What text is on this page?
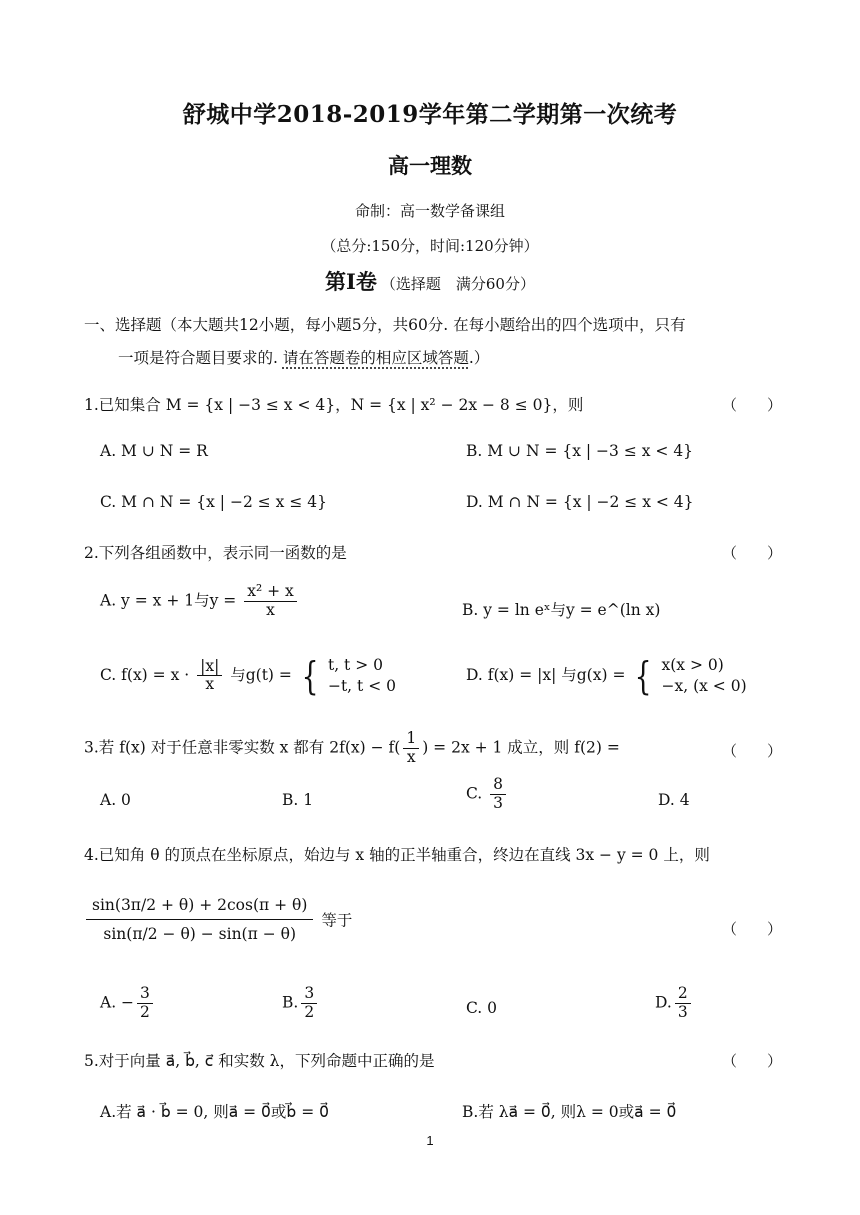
舒城中学2018-2019学年第二学期第一次统考
高一理数
命制：高一数学备课组
（总分:150分，时间:120分钟）
第Ⅰ卷 （选择题　满分60分）
一、选择题（本大题共12小题，每小题5分，共60分. 在每小题给出的四个选项中，只有
一项是符合题目要求的. 请在答题卷的相应区域答题.）
1.已知集合 M = {x | −3 ≤ x < 4}，N = {x | x² − 2x − 8 ≤ 0}，则	（　　）
A. M ∪ N = R	B. M ∪ N = {x | −3 ≤ x < 4}
C. M ∩ N = {x | −2 ≤ x ≤ 4}	D. M ∩ N = {x | −2 ≤ x < 4}
2.下列各组函数中，表示同一函数的是	（　　）
A. y = x + 1与$y = \frac{\text{x² + x}}{x}$	B. y = ln eˣ与y = e^(ln x)
C. $f(x) = x \cdot \frac{|x|}{x}$ 与g(t) = { t, t > 0
−t, t < 0
D. f(x) = |x| 与g(x) = { x(x > 0)
−x, (x < 0)
3.若 f(x) 对于任意非零实数 x 都有 $2f(x) - f( \frac{1}{x}$ ) = 2x + 1 成立，则 f(2) =	（　　）
A. 0	B. 1	C. $\frac{8}{3}$	D. 4
4.已知角 θ 的顶点在坐标原点，始边与 x 轴的正半轴重合，终边在直线 3x − y = 0 上，则
$\frac{\sin(3\pi/2 + \theta) + 2\cos(\pi + \theta)}{\sin(\pi/2 - \theta) - \sin(\pi - \theta)}$ 等于	（　　）
A. − $\frac{3}{2}$	B. $\frac{3}{2}$	C. 0	D. $\frac{2}{3}$
5.对于向量 a⃗, b⃗, c⃗ 和实数 λ，下列命题中正确的是	（　　）
A.若 a⃗ · b⃗ = 0, 则a⃗ = 0⃗或b⃗ = 0⃗	B.若 λa⃗ = 0⃗, 则λ = 0或a⃗ = 0⃗
1
